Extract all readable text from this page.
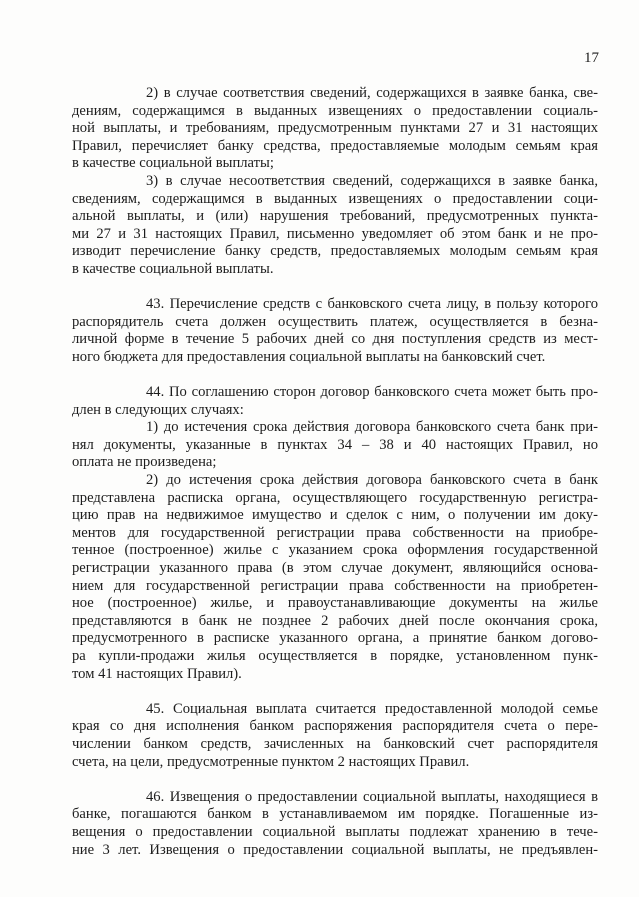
17
2) в случае соответствия сведений, содержащихся в заявке банка, све-
дениям, содержащимся в выданных извещениях о предоставлении социаль-
ной выплаты, и требованиям, предусмотренным пунктами 27 и 31 настоящих
Правил, перечисляет банку средства, предоставляемые молодым семьям края
в качестве социальной выплаты;
3) в случае несоответствия сведений, содержащихся в заявке банка,
сведениям, содержащимся в выданных извещениях о предоставлении соци-
альной выплаты, и (или) нарушения требований, предусмотренных пункта-
ми 27 и 31 настоящих Правил, письменно уведомляет об этом банк и не про-
изводит перечисление банку средств, предоставляемых молодым семьям края
в качестве социальной выплаты.
43. Перечисление средств с банковского счета лицу, в пользу которого
распорядитель счета должен осуществить платеж, осуществляется в безна-
личной форме в течение 5 рабочих дней со дня поступления средств из мест-
ного бюджета для предоставления социальной выплаты на банковский счет.
44. По соглашению сторон договор банковского счета может быть про-
длен в следующих случаях:
1) до истечения срока действия договора банковского счета банк при-
нял документы, указанные в пунктах 34 – 38 и 40 настоящих Правил, но
оплата не произведена;
2) до истечения срока действия договора банковского счета в банк
представлена расписка органа, осуществляющего государственную регистра-
цию прав на недвижимое имущество и сделок с ним, о получении им доку-
ментов для государственной регистрации права собственности на приобре-
тенное (построенное) жилье с указанием срока оформления государственной
регистрации указанного права (в этом случае документ, являющийся основа-
нием для государственной регистрации права собственности на приобретен-
ное (построенное) жилье, и правоустанавливающие документы на жилье
представляются в банк не позднее 2 рабочих дней после окончания срока,
предусмотренного в расписке указанного органа, а принятие банком догово-
ра купли-продажи жилья осуществляется в порядке, установленном пунк-
том 41 настоящих Правил).
45. Социальная выплата считается предоставленной молодой семье
края со дня исполнения банком распоряжения распорядителя счета о пере-
числении банком средств, зачисленных на банковский счет распорядителя
счета, на цели, предусмотренные пунктом 2 настоящих Правил.
46. Извещения о предоставлении социальной выплаты, находящиеся в
банке, погашаются банком в устанавливаемом им порядке. Погашенные из-
вещения о предоставлении социальной выплаты подлежат хранению в тече-
ние 3 лет. Извещения о предоставлении социальной выплаты, не предъявлен-
